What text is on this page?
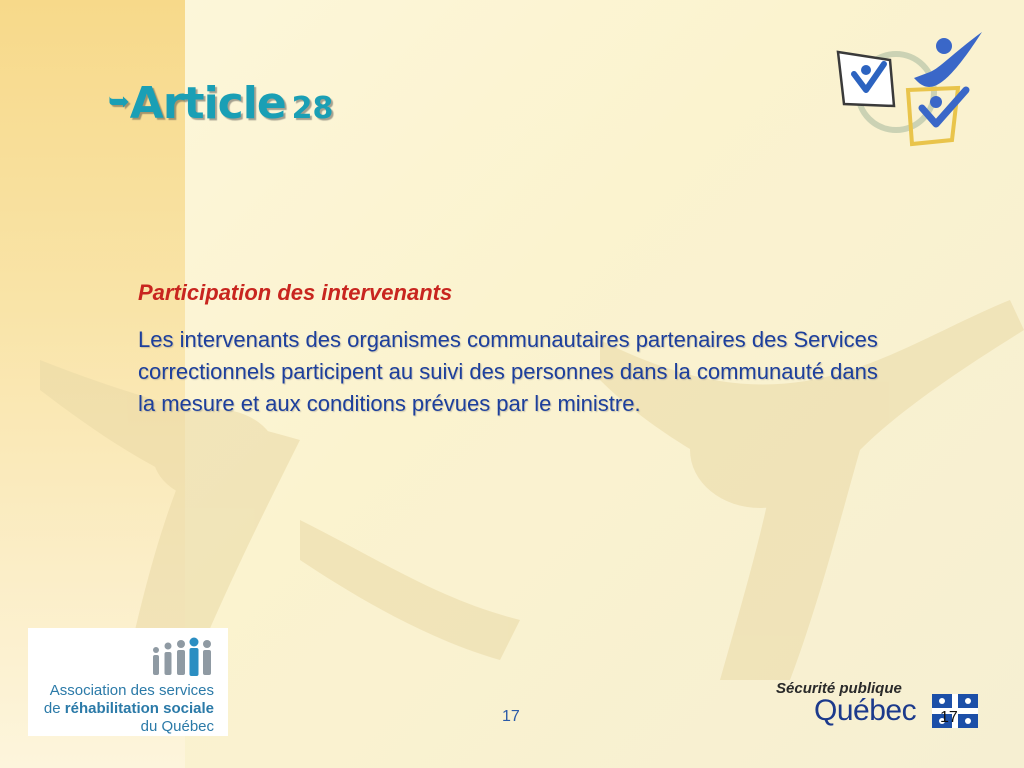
➥Article 28
Participation des intervenants

Les intervenants des organismes communautaires partenaires des Services correctionnels participent au suivi des personnes dans la communauté dans la mesure et aux conditions prévues par le ministre.

Association des services
de réhabilitation sociale
du Québec
17
Sécurité publique
Québec 17
